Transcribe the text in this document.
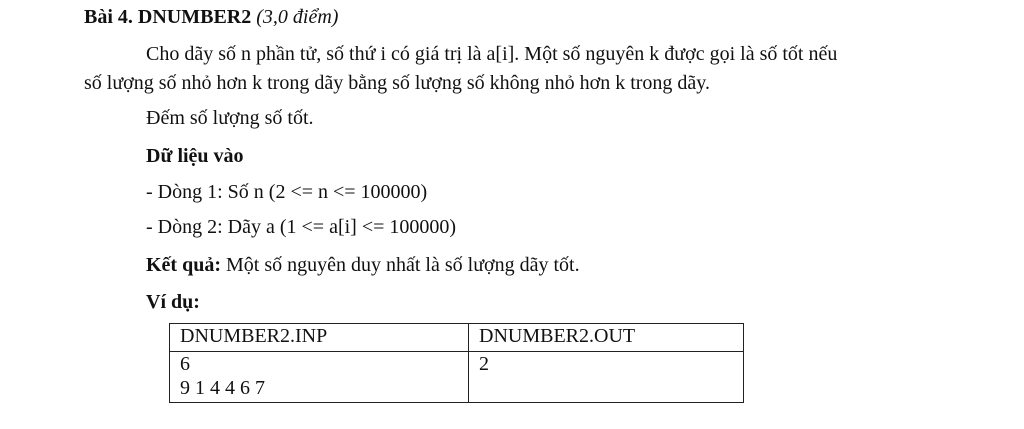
Bài 4. DNUMBER2 (3,0 điểm)
Cho dãy số n phần tử, số thứ i có giá trị là a[i]. Một số nguyên k được gọi là số tốt nếu
số lượng số nhỏ hơn k trong dãy bằng số lượng số không nhỏ hơn k trong dãy.
Đếm số lượng số tốt.
Dữ liệu vào
- Dòng 1: Số n (2 <= n <= 100000)
- Dòng 2: Dãy a (1 <= a[i] <= 100000)
Kết quả: Một số nguyên duy nhất là số lượng dãy tốt.
Ví dụ:
DNUMBER2.INP	DNUMBER2.OUT

6
9 1 4 4 6 7	2
